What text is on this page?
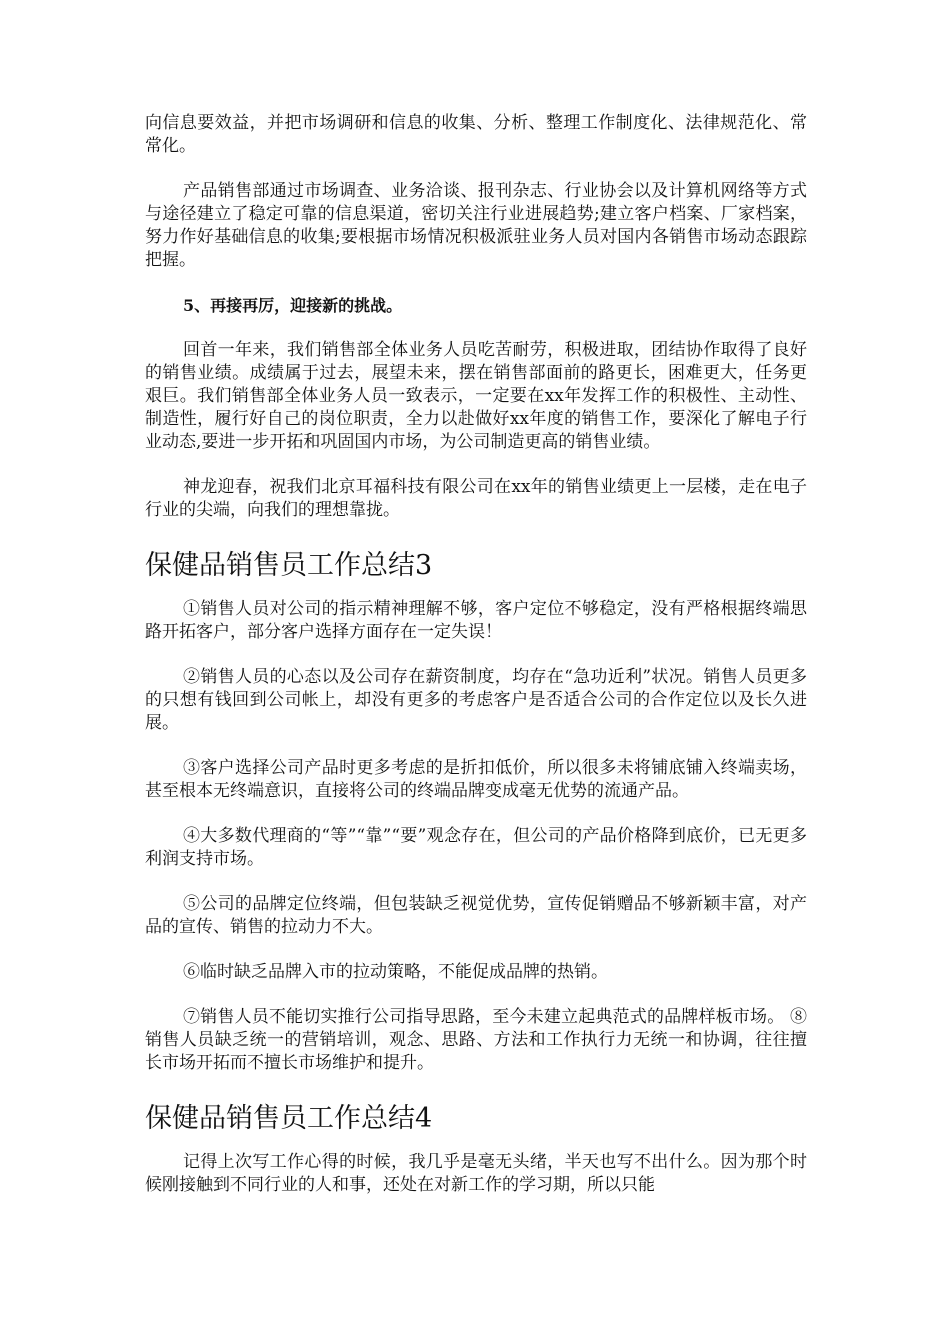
向信息要效益，并把市场调研和信息的收集、分析、整理工作制度化、法律规范化、常常化。

产品销售部通过市场调查、业务洽谈、报刊杂志、行业协会以及计算机网络等方式与途径建立了稳定可靠的信息渠道，密切关注行业进展趋势;建立客户档案、厂家档案，努力作好基础信息的收集;要根据市场情况积极派驻业务人员对国内各销售市场动态跟踪把握。

5、再接再厉，迎接新的挑战。

回首一年来，我们销售部全体业务人员吃苦耐劳，积极进取，团结协作取得了良好的销售业绩。成绩属于过去，展望未来，摆在销售部面前的路更长，困难更大，任务更艰巨。我们销售部全体业务人员一致表示，一定要在xx年发挥工作的积极性、主动性、制造性，履行好自己的岗位职责，全力以赴做好xx年度的销售工作，要深化了解电子行业动态,要进一步开拓和巩固国内市场，为公司制造更高的销售业绩。

神龙迎春，祝我们北京耳福科技有限公司在xx年的销售业绩更上一层楼，走在电子行业的尖端，向我们的理想靠拢。

保健品销售员工作总结3

①销售人员对公司的指示精神理解不够，客户定位不够稳定，没有严格根据终端思路开拓客户，部分客户选择方面存在一定失误！

②销售人员的心态以及公司存在薪资制度，均存在“急功近利”状况。销售人员更多的只想有钱回到公司帐上，却没有更多的考虑客户是否适合公司的合作定位以及长久进展。

③客户选择公司产品时更多考虑的是折扣低价，所以很多未将铺底铺入终端卖场，甚至根本无终端意识，直接将公司的终端品牌变成毫无优势的流通产品。

④大多数代理商的“等”“靠”“要”观念存在，但公司的产品价格降到底价，已无更多利润支持市场。

⑤公司的品牌定位终端，但包装缺乏视觉优势，宣传促销赠品不够新颖丰富，对产品的宣传、销售的拉动力不大。

⑥临时缺乏品牌入市的拉动策略，不能促成品牌的热销。

⑦销售人员不能切实推行公司指导思路，至今未建立起典范式的品牌样板市场。 ⑧销售人员缺乏统一的营销培训，观念、思路、方法和工作执行力无统一和协调，往往擅长市场开拓而不擅长市场维护和提升。

保健品销售员工作总结4

记得上次写工作心得的时候，我几乎是毫无头绪，半天也写不出什么。因为那个时候刚接触到不同行业的人和事，还处在对新工作的学习期，所以只能
